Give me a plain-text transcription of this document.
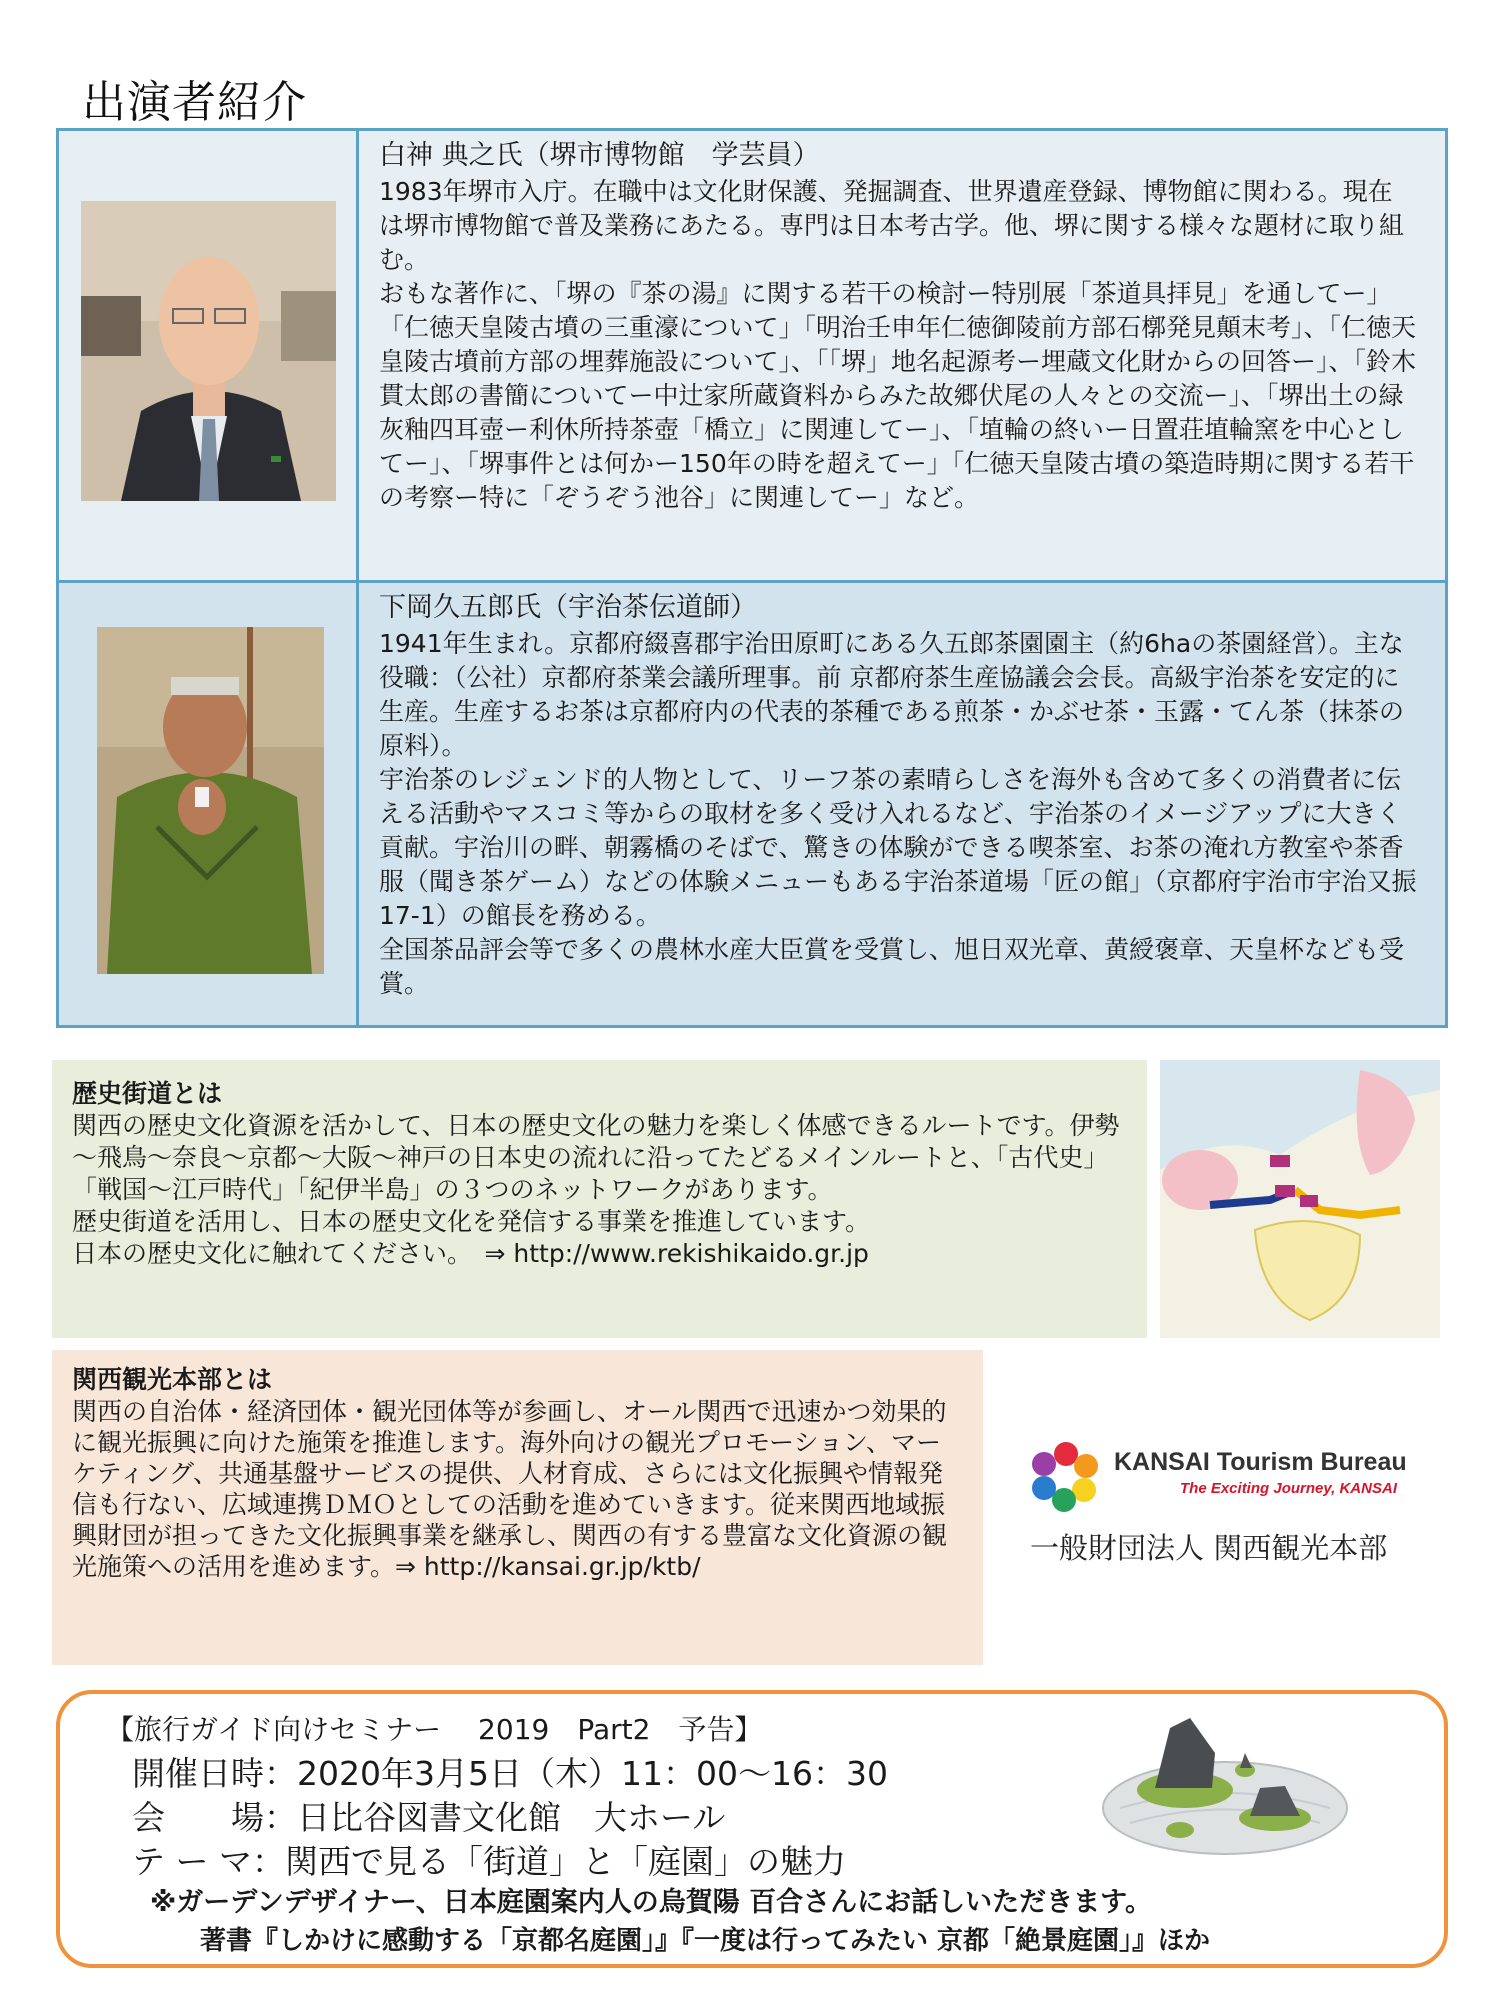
出演者紹介
白神 典之氏（堺市博物館　学芸員）

1983年堺市入庁。在職中は文化財保護、発掘調査、世界遺産登録、博物館に関わる。現在は堺市博物館で普及業務にあたる。専門は日本考古学。他、堺に関する様々な題材に取り組む。

おもな著作に、「堺の『茶の湯』に関する若干の検討ー特別展「茶道具拝見」を通してー」「仁徳天皇陵古墳の三重濠について」「明治壬申年仁徳御陵前方部石槨発見顛末考」、「仁徳天皇陵古墳前方部の埋葬施設について」、「「堺」地名起源考ー埋蔵文化財からの回答ー」、「鈴木貫太郎の書簡についてー中辻家所蔵資料からみた故郷伏尾の人々との交流ー」、「堺出土の緑灰釉四耳壺ー利休所持茶壺「橋立」に関連してー」、「埴輪の終いー日置荘埴輪窯を中心としてー」、「堺事件とは何かー150年の時を超えてー」「仁徳天皇陵古墳の築造時期に関する若干の考察ー特に「ぞうぞう池谷」に関連してー」など。

下岡久五郎氏（宇治茶伝道師）

1941年生まれ。京都府綴喜郡宇治田原町にある久五郎茶園園主（約6haの茶園経営）。主な役職：（公社）京都府茶業会議所理事。前 京都府茶生産協議会会長。高級宇治茶を安定的に生産。生産するお茶は京都府内の代表的茶種である煎茶・かぶせ茶・玉露・てん茶（抹茶の原料）。

宇治茶のレジェンド的人物として、リーフ茶の素晴らしさを海外も含めて多くの消費者に伝える活動やマスコミ等からの取材を多く受け入れるなど、宇治茶のイメージアップに大きく貢献。宇治川の畔、朝霧橋のそばで、驚きの体験ができる喫茶室、お茶の淹れ方教室や茶香服（聞き茶ゲーム）などの体験メニューもある宇治茶道場「匠の館」（京都府宇治市宇治又振17-1）の館長を務める。

全国茶品評会等で多くの農林水産大臣賞を受賞し、旭日双光章、黄綬褒章、天皇杯なども受賞。

歴史街道とは

関西の歴史文化資源を活かして、日本の歴史文化の魅力を楽しく体感できるルートです。伊勢～飛鳥～奈良～京都～大阪～神戸の日本史の流れに沿ってたどるメインルートと、「古代史」「戦国～江戸時代」「紀伊半島」の３つのネットワークがあります。

歴史街道を活用し、日本の歴史文化を発信する事業を推進しています。

日本の歴史文化に触れてください。　⇒ http://www.rekishikaido.gr.jp

関西観光本部とは

関西の自治体・経済団体・観光団体等が参画し、オール関西で迅速かつ効果的に観光振興に向けた施策を推進します。海外向けの観光プロモーション、マーケティング、共通基盤サービスの提供、人材育成、さらには文化振興や情報発信も行ない、広域連携ＤＭＯとしての活動を進めていきます。従来関西地域振興財団が担ってきた文化振興事業を継承し、関西の有する豊富な文化資源の観光施策への活用を進めます。⇒ http://kansai.gr.jp/ktb/

KANSAI Tourism Bureau
The Exciting Journey, KANSAI
一般財団法人 関西観光本部
【旅行ガイド向けセミナー　 2019　Part2　予告】
開催日時：2020年3月5日（木）11：00～16：30
会　　場：日比谷図書文化館　大ホール
テ ー マ：関西で見る「街道」と「庭園」の魅力
※ガーデンデザイナー、日本庭園案内人の烏賀陽 百合さんにお話しいただきます。
著書『しかけに感動する「京都名庭園」』『一度は行ってみたい 京都「絶景庭園」』ほか
